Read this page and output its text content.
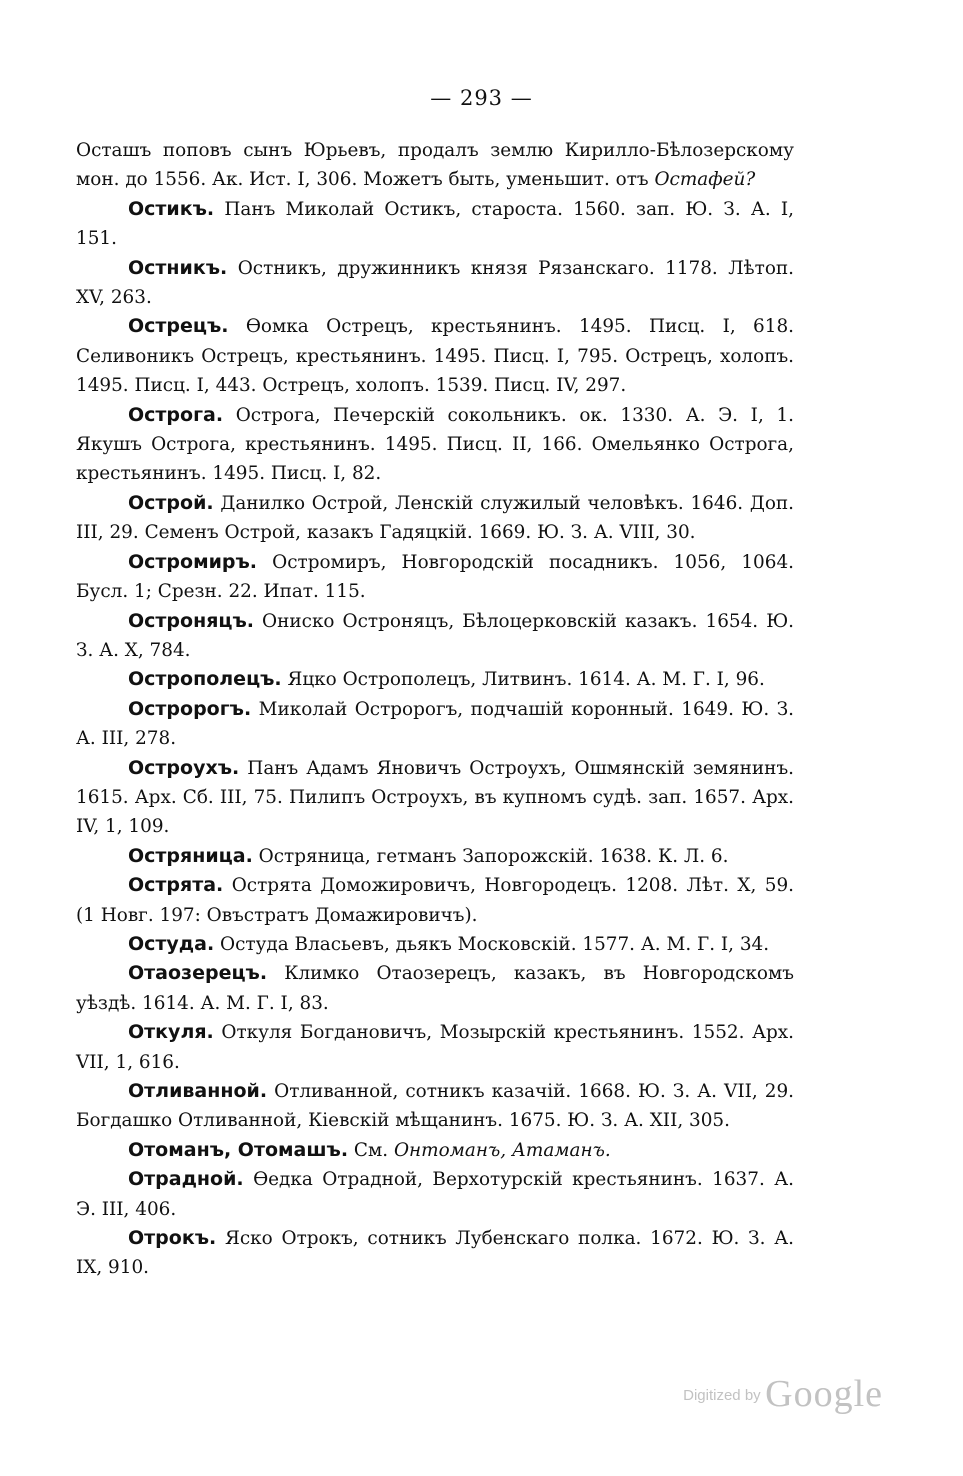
— 293 —

Осташъ поповъ сынъ Юрьевъ, продалъ землю Кирилло-Бѣлозерскому мон. до 1556. Ак. Ист. I, 306. Можетъ быть, уменьшит. отъ Остафей?

Остикъ. Панъ Миколай Остикъ, староста. 1560. зап. Ю. З. А. I, 151.

Остникъ. Остникъ, дружинникъ князя Рязанскаго. 1178. Лѣтоп. XV, 263.

Острецъ. Ѳомка Острецъ, крестьянинъ. 1495. Писц. I, 618. Селивоникъ Острецъ, крестьянинъ. 1495. Писц. I, 795. Острецъ, холопъ. 1495. Писц. I, 443. Острецъ, холопъ. 1539. Писц. IV, 297.

Острога. Острога, Печерскій сокольникъ. ок. 1330. А. Э. I, 1. Якушъ Острога, крестьянинъ. 1495. Писц. II, 166. Омельянко Острога, крестьянинъ. 1495. Писц. I, 82.

Острой. Данилко Острой, Ленскій служилый человѣкъ. 1646. Доп. III, 29. Семенъ Острой, казакъ Гадяцкій. 1669. Ю. З. А. VIII, 30.

Остромиръ. Остромиръ, Новгородскій посадникъ. 1056, 1064. Бусл. 1; Срезн. 22. Ипат. 115.

Остроняцъ. Ониско Остроняцъ, Бѣлоцерковскій казакъ. 1654. Ю. З. А. X, 784.

Острополецъ. Яцко Острополецъ, Литвинъ. 1614. А. М. Г. I, 96.

Остророгъ. Миколай Остророгъ, подчашій коронный. 1649. Ю. З. А. III, 278.

Остроухъ. Панъ Адамъ Яновичъ Остроухъ, Ошмянскій земянинъ. 1615. Арх. Сб. III, 75. Пилипъ Остроухъ, въ купномъ судѣ. зап. 1657. Арх. IV, 1, 109.

Остряница. Остряница, гетманъ Запорожскій. 1638. К. Л. 6.

Острята. Острята Доможировичъ, Новгородецъ. 1208. Лѣт. X, 59. (1 Новг. 197: Овъстратъ Домажировичъ).

Остуда. Остуда Власьевъ, дьякъ Московскій. 1577. А. М. Г. I, 34.

Отаозерецъ. Климко Отаозерецъ, казакъ, въ Новгородскомъ уѣздѣ. 1614. А. М. Г. I, 83.

Откуля. Откуля Богдановичъ, Мозырскій крестьянинъ. 1552. Арх. VII, 1, 616.

Отливанной. Отливанной, сотникъ казачій. 1668. Ю. З. А. VII, 29. Богдашко Отливанной, Кіевскій мѣщанинъ. 1675. Ю. З. А. XII, 305.

Отоманъ, Отомашъ. См. Онтоманъ, Атаманъ.

Отрадной. Ѳедка Отрадной, Верхотурскій крестьянинъ. 1637. А. Э. III, 406.

Отрокъ. Яско Отрокъ, сотникъ Лубенскаго полка. 1672. Ю. З. А. IX, 910.

Digitized by Google
